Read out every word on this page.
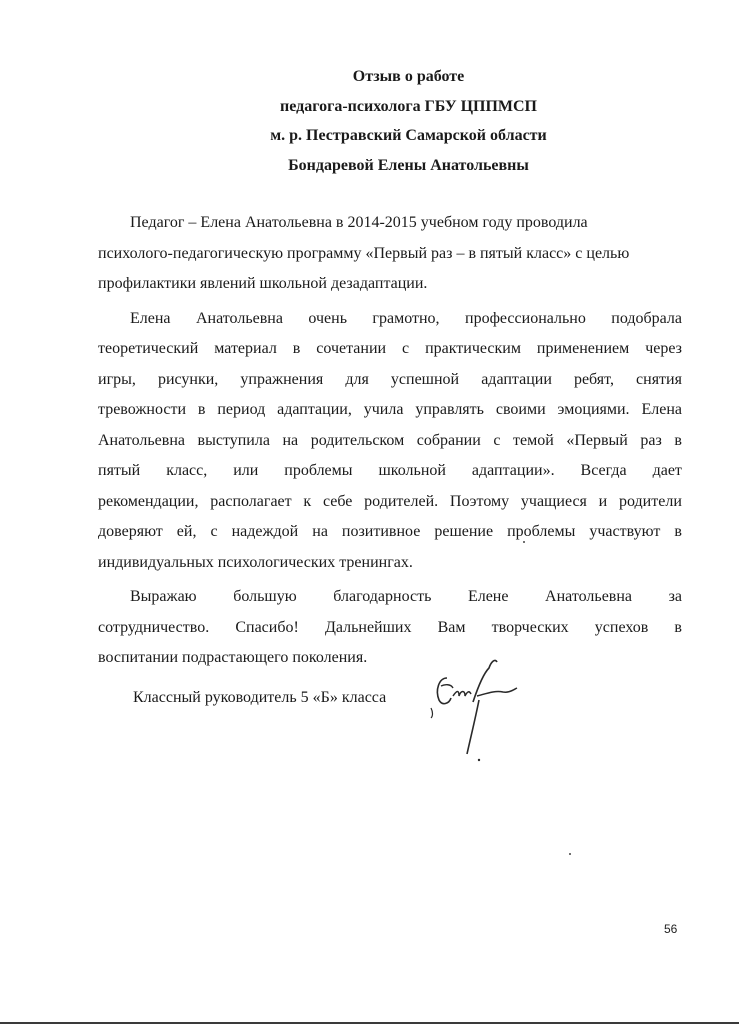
Отзыв о работе
педагога-психолога ГБУ ЦППМСП
м. р. Пестравский Самарской области
Бондаревой Елены Анатольевны
Педагог – Елена Анатольевна в 2014-2015 учебном году проводила
психолого-педагогическую программу «Первый раз – в пятый класс» с целью
профилактики явлений школьной дезадаптации.
Елена Анатольевна очень грамотно, профессионально подобрала
теоретический материал в сочетании с практическим применением через
игры, рисунки, упражнения для успешной адаптации ребят, снятия
тревожности в период адаптации, учила управлять своими эмоциями. Елена
Анатольевна выступила на родительском собрании с темой «Первый раз в
пятый класс, или проблемы школьной адаптации». Всегда дает
рекомендации, располагает к себе родителей. Поэтому учащиеся и родители
доверяют ей, с надеждой на позитивное решение проблемы участвуют в
индивидуальных психологических тренингах.
Выражаю большую благодарность Елене Анатольевна за
сотрудничество. Спасибо! Дальнейших Вам творческих успехов в
воспитании подрастающего поколения.
Классный руководитель 5 «Б» класса
56
